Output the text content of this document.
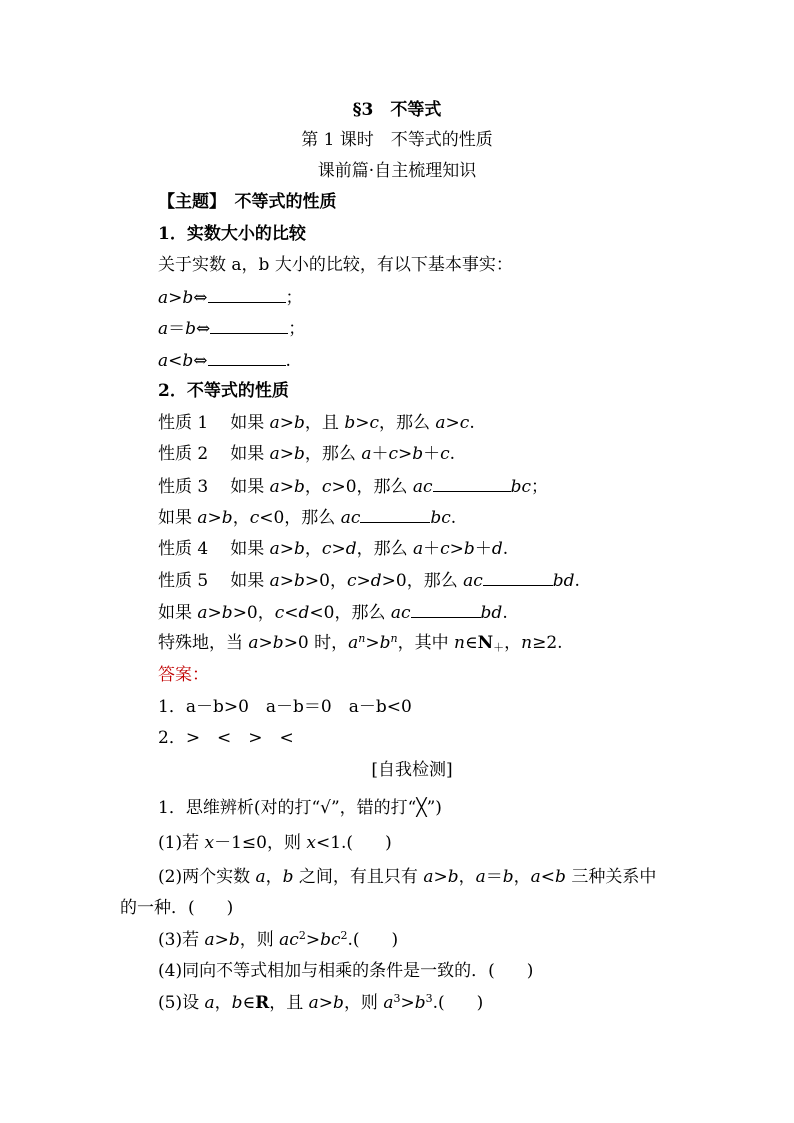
§3　不等式
第 1 课时　不等式的性质
课前篇·自主梳理知识
【主题】　不等式的性质
1．实数大小的比较
关于实数 a，b 大小的比较，有以下基本事实：
a>b⇔	；
a＝b⇔	；
a<b⇔	.
2．不等式的性质
性质 1 如果 a>b，且 b>c，那么 a>c.
性质 2 如果 a>b，那么 a＋c>b＋c.
性质 3 如果 a>b，c>0，那么 ac	bc；
如果 a>b，c<0，那么 ac	bc.
性质 4 如果 a>b，c>d，那么 a＋c>b＋d.
性质 5 如果 a>b>0，c>d>0，那么 ac	bd.
如果 a>b>0，c<d<0，那么 ac	bd.
特殊地，当 a>b>0 时，$a^n>b^n$，其中 $n\in N_+$，n≥2.
答案：
1．a－b>0　a－b＝0　a－b<0
2．>　<　>　<
[自我检测]
1．思维辨析(对的打“√”，错的打“╳”)
(1)若 x－1≤0，则 x<1.( )
(2)两个实数 a，b 之间，有且只有 a>b，a＝b，a<b 三种关系中
的一种．( )
(3)若 a>b，则 $ac^2>bc^2$.( )
(4)同向不等式相加与相乘的条件是一致的．( )
(5)设 a，b∈R，且 a>b，则 $a^3>b^3$.( )
